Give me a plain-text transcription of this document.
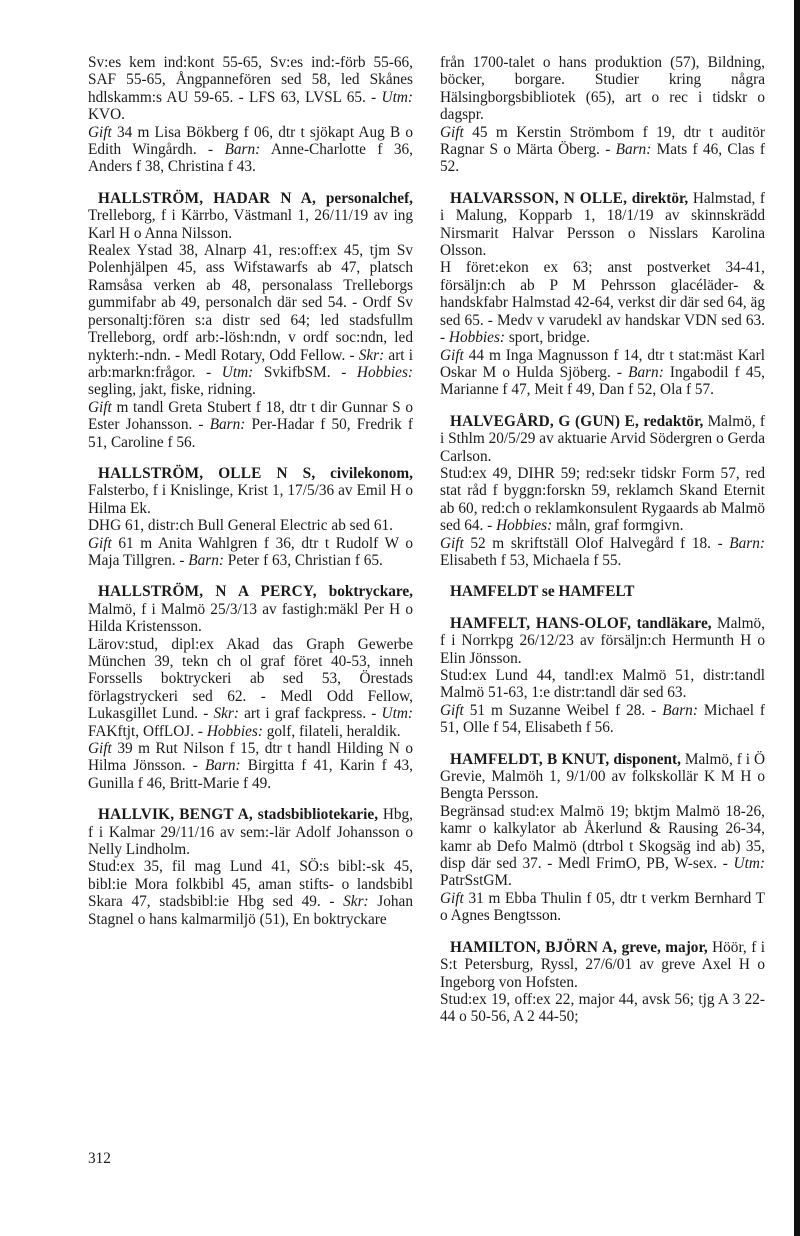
Sv:es kem ind:kont 55-65, Sv:es ind:-förb 55-66, SAF 55-65, Ångpannefören sed 58, led Skånes hdlskamm:s AU 59-65. - LFS 63, LVSL 65. - Utm: KVO.

Gift 34 m Lisa Bökberg f 06, dtr t sjökapt Aug B o Edith Wingårdh. - Barn: Anne-Charlotte f 36, Anders f 38, Christina f 43.

HALLSTRÖM, HADAR N A, personalchef, Trelleborg, f i Kärrbo, Västmanl 1, 26/11/19 av ing Karl H o Anna Nilsson.

Realex Ystad 38, Alnarp 41, res:off:ex 45, tjm Sv Polenhjälpen 45, ass Wifstawarfs ab 47, platsch Ramsåsa verken ab 48, personalass Trelleborgs gummifabr ab 49, personalch där sed 54. - Ordf Sv personaltj:fören s:a distr sed 64; led stadsfullm Trelleborg, ordf arb:-lösh:ndn, v ordf soc:ndn, led nykterh:-ndn. - Medl Rotary, Odd Fellow. - Skr: art i arb:markn:frågor. - Utm: SvkifbSM. - Hobbies: segling, jakt, fiske, ridning.

Gift m tandl Greta Stubert f 18, dtr t dir Gunnar S o Ester Johansson. - Barn: Per-Hadar f 50, Fredrik f 51, Caroline f 56.

HALLSTRÖM, OLLE N S, civilekonom, Falsterbo, f i Knislinge, Krist 1, 17/5/36 av Emil H o Hilma Ek.

DHG 61, distr:ch Bull General Electric ab sed 61.

Gift 61 m Anita Wahlgren f 36, dtr t Rudolf W o Maja Tillgren. - Barn: Peter f 63, Christian f 65.

HALLSTRÖM, N A PERCY, boktryckare, Malmö, f i Malmö 25/3/13 av fastigh:mäkl Per H o Hilda Kristensson.

Lärov:stud, dipl:ex Akad das Graph Gewerbe München 39, tekn ch ol graf föret 40-53, inneh Forssells boktryckeri ab sed 53, Örestads förlagstryckeri sed 62. - Medl Odd Fellow, Lukasgillet Lund. - Skr: art i graf fackpress. - Utm: FAKftjt, OffLOJ. - Hobbies: golf, filateli, heraldik.

Gift 39 m Rut Nilson f 15, dtr t handl Hilding N o Hilma Jönsson. - Barn: Birgitta f 41, Karin f 43, Gunilla f 46, Britt-Marie f 49.

HALLVIK, BENGT A, stadsbibliotekarie, Hbg, f i Kalmar 29/11/16 av sem:-lär Adolf Johansson o Nelly Lindholm.

Stud:ex 35, fil mag Lund 41, SÖ:s bibl:-sk 45, bibl:ie Mora folkbibl 45, aman stifts- o landsbibl Skara 47, stadsbibl:ie Hbg sed 49. - Skr: Johan Stagnel o hans kalmarmiljö (51), En boktryckare

från 1700-talet o hans produktion (57), Bildning, böcker, borgare. Studier kring några Hälsingborgsbibliotek (65), art o rec i tidskr o dagspr.

Gift 45 m Kerstin Strömbom f 19, dtr t auditör Ragnar S o Märta Öberg. - Barn: Mats f 46, Clas f 52.

HALVARSSON, N OLLE, direktör, Halmstad, f i Malung, Kopparb 1, 18/1/19 av skinnskrädd Nirsmarit Halvar Persson o Nisslars Karolina Olsson.

H föret:ekon ex 63; anst postverket 34-41, försäljn:ch ab P M Pehrsson glacéläder- & handskfabr Halmstad 42-64, verkst dir där sed 64, äg sed 65. - Medv v varudekl av handskar VDN sed 63. - Hobbies: sport, bridge.

Gift 44 m Inga Magnusson f 14, dtr t stat:mäst Karl Oskar M o Hulda Sjöberg. - Barn: Ingabodil f 45, Marianne f 47, Meit f 49, Dan f 52, Ola f 57.

HALVEGÅRD, G (GUN) E, redaktör, Malmö, f i Sthlm 20/5/29 av aktuarie Arvid Södergren o Gerda Carlson.

Stud:ex 49, DIHR 59; red:sekr tidskr Form 57, red stat råd f byggn:forskn 59, reklamch Skand Eternit ab 60, red:ch o reklamkonsulent Rygaards ab Malmö sed 64. - Hobbies: måln, graf formgivn.

Gift 52 m skriftställ Olof Halvegård f 18. - Barn: Elisabeth f 53, Michaela f 55.

HAMFELDT se HAMFELT

HAMFELT, HANS-OLOF, tandläkare, Malmö, f i Norrkpg 26/12/23 av försäljn:ch Hermunth H o Elin Jönsson.

Stud:ex Lund 44, tandl:ex Malmö 51, distr:tandl Malmö 51-63, 1:e distr:tandl där sed 63.

Gift 51 m Suzanne Weibel f 28. - Barn: Michael f 51, Olle f 54, Elisabeth f 56.

HAMFELDT, B KNUT, disponent, Malmö, f i Ö Grevie, Malmöh 1, 9/1/00 av folkskollär K M H o Bengta Persson.

Begränsad stud:ex Malmö 19; bktjm Malmö 18-26, kamr o kalkylator ab Åkerlund & Rausing 26-34, kamr ab Defo Malmö (dtrbol t Skogsäg ind ab) 35, disp där sed 37. - Medl FrimO, PB, W-sex. - Utm: PatrSstGM.

Gift 31 m Ebba Thulin f 05, dtr t verkm Bernhard T o Agnes Bengtsson.

HAMILTON, BJÖRN A, greve, major, Höör, f i S:t Petersburg, Ryssl, 27/6/01 av greve Axel H o Ingeborg von Hofsten.

Stud:ex 19, off:ex 22, major 44, avsk 56; tjg A 3 22-44 o 50-56, A 2 44-50;

312
